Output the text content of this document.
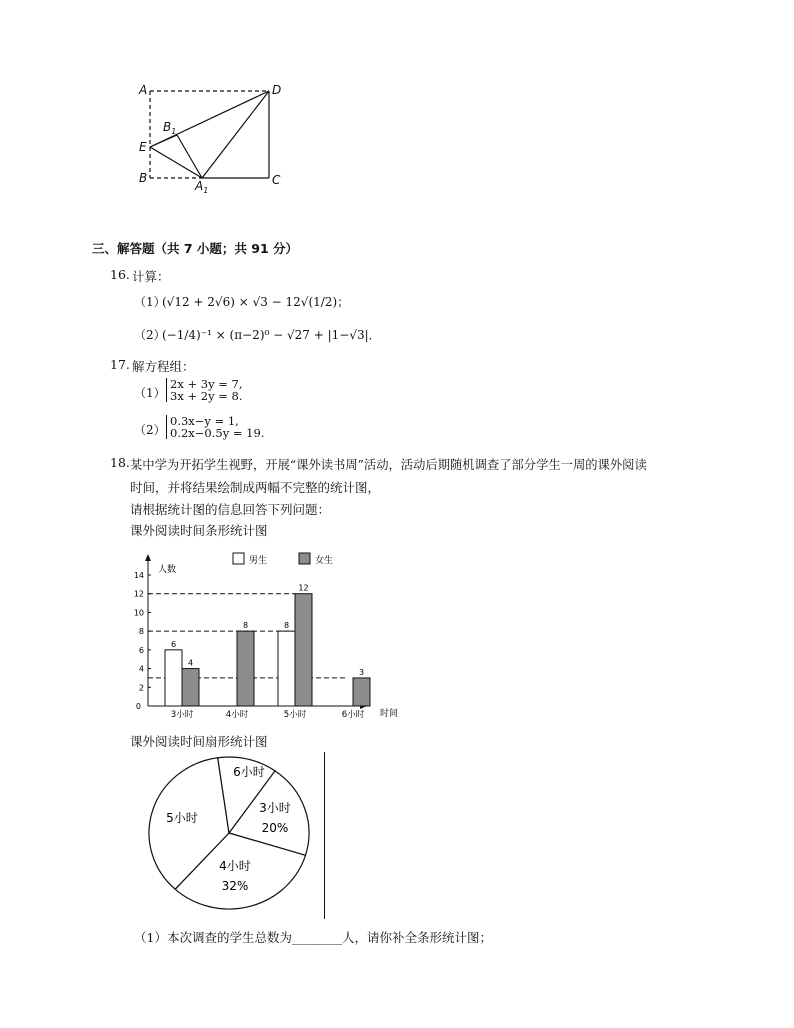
A	D
$B_1$
E
B
$A_1$
C
三、解答题（共 7 小题；共 91 分）
16. 计算：
（1）
(√12 + 2√6) × √3 − 12√(1/2)；
（2）
(−1/4)⁻¹ × (π−2)⁰ − √27 + |1−√3|．
17. 解方程组：
（1）
2x + 3y = 7,
3x + 2y = 8.
（2）
0.3x−y = 1,
0.2x−0.5y = 19.
18. 某中学为开拓学生视野，开展“课外读书周”活动，活动后期随机调查了部分学生一周的课外阅读
时间，并将结果绘制成两幅不完整的统计图，
请根据统计图的信息回答下列问题：
课外阅读时间条形统计图
人数
时间
0
2
4
6
8
10
12
14
6
4
3小时
8
4小时
8
12
5小时
3
6小时
男生	女生
课外阅读时间扇形统计图
3小时
20%
4小时
32%
5小时
6小时
（1）本次调查的学生总数为________人，请你补全条形统计图；
